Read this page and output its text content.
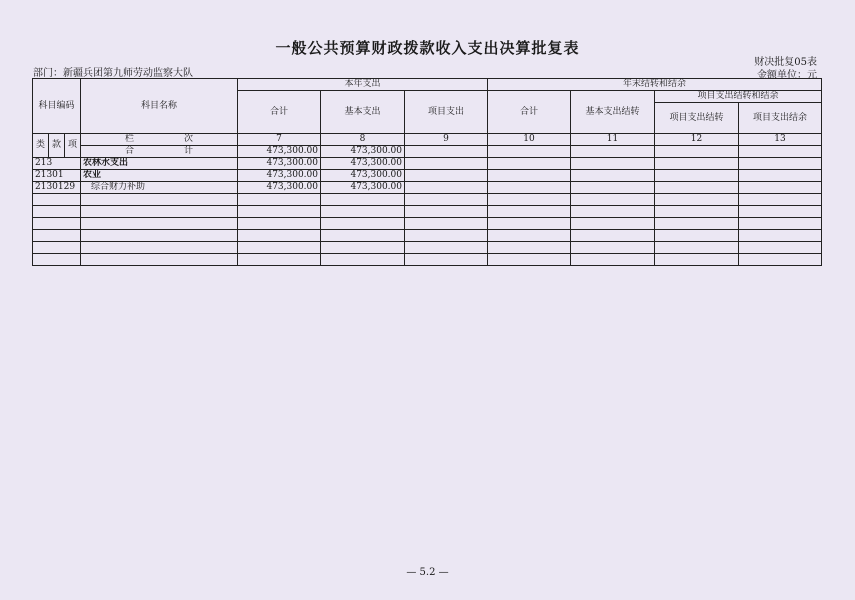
一般公共预算财政拨款收入支出决算批复表
财决批复05表
金额单位：元
部门：新疆兵团第九师劳动监察大队
科目编码			科目名称	本年支出			年末结转和结余			
				合计	基本支出	项目支出	合计	基本支出结转	项目支出结转和结余	
									项目支出结转	项目支出结余
类	款	项	栏 次	7	8	9	10	11	12	13
			合 计	473,300.00	473,300.00					
213			农林水支出	473,300.00	473,300.00					
21301			农业	473,300.00	473,300.00					
2130129			综合财力补助	473,300.00	473,300.00					

— 5.2 —
